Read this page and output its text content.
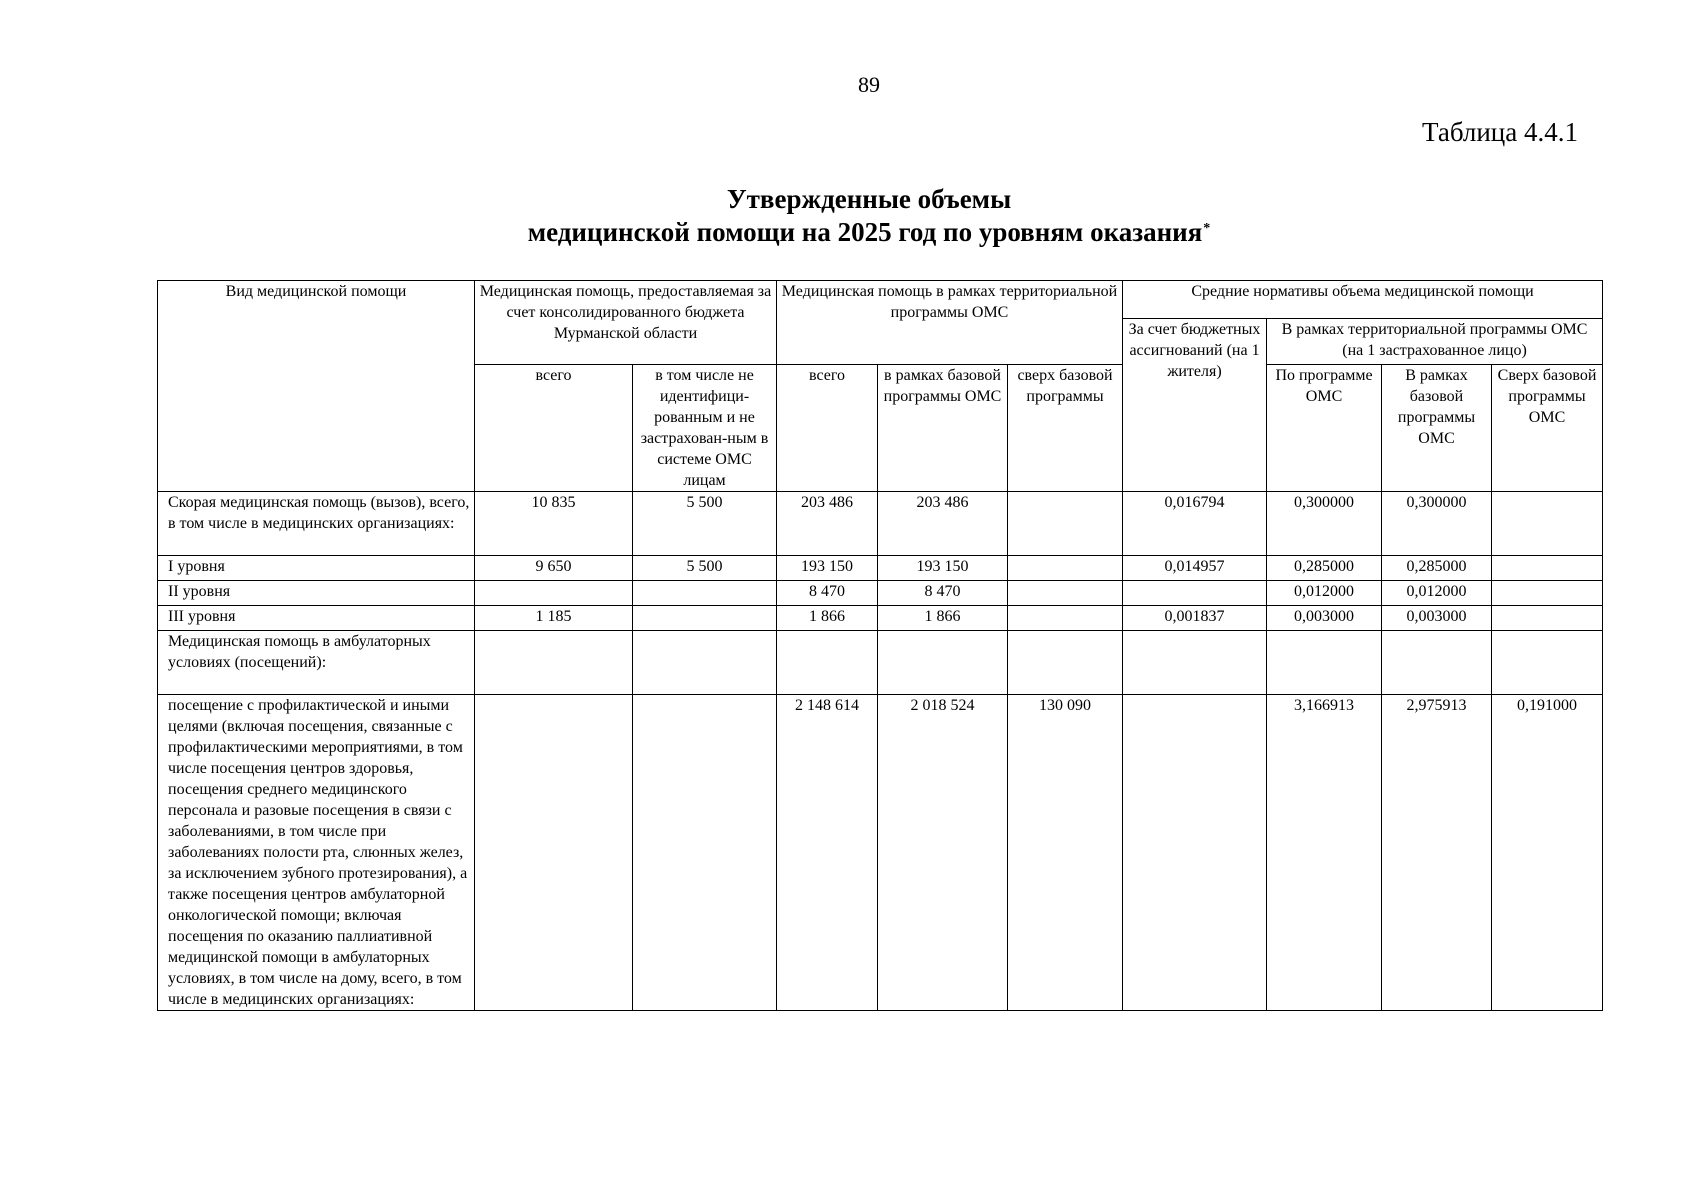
89
Таблица 4.4.1
Утвержденные объемы
медицинской помощи на 2025 год по уровням оказания*
Вид медицинской помощи	Медицинская помощь, предоставляемая за счет консолидированного бюджета Мурманской области		Медицинская помощь в рамках территориальной программы ОМС			Средние нормативы объема медицинской помощи			
						За счет бюджетных ассигнований (на 1 жителя)	В рамках территориальной программы ОМС (на 1 застрахованное лицо)		
	всего	в том числе не идентифици-рованным и не застрахован-ным в системе ОМС лицам	всего	в рамках базовой программы ОМС	сверх базовой программы		По программе ОМС	В рамках базовой программы ОМС	Сверх базовой программы ОМС
Скорая медицинская помощь (вызов), всего, в том числе в медицинских организациях:	10 835	5 500	203 486	203 486		0,016794	0,300000	0,300000	
I уровня	9 650	5 500	193 150	193 150		0,014957	0,285000	0,285000	
II уровня			8 470	8 470			0,012000	0,012000	
III уровня	1 185		1 866	1 866		0,001837	0,003000	0,003000	
Медицинская помощь в амбулаторных условиях (посещений):									
посещение с профилактической и иными целями (включая посещения, связанные с профилактическими мероприятиями, в том числе посещения центров здоровья, посещения среднего медицинского персонала и разовые посещения в связи с заболеваниями, в том числе при заболеваниях полости рта, слюнных желез, за исключением зубного протезирования), а также посещения центров амбулаторной онкологической помощи; включая посещения по оказанию паллиативной медицинской помощи в амбулаторных условиях, в том числе на дому, всего, в том числе в медицинских организациях:			2 148 614	2 018 524	130 090		3,166913	2,975913	0,191000
